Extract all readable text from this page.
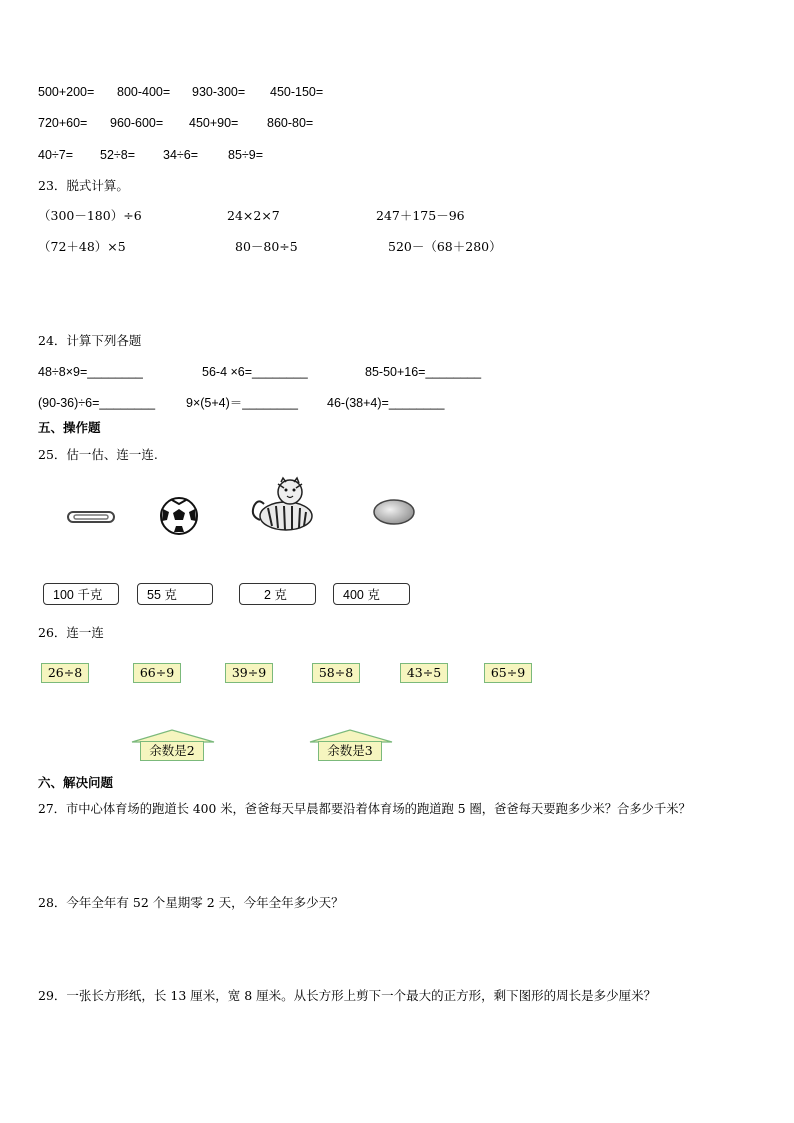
500+200= 800-400= 930-300= 450-150=
720+60= 960-600= 450+90= 860-80=
40÷7= 52÷8= 34÷6= 85÷9=
23．脱式计算。
（300－180）÷6	24×2×7	247＋175－96
（72＋48）×5	80－80÷5	520－（68＋280）
24．计算下列各题
48÷8×9=________	56-4 ×6=________	85-50+16=________
(90-36)÷6=________ 9×(5+4)＝________ 46-(38+4)=________
五、操作题
25．估一估、连一连.
100 千克	55 克	2 克	400 克
26．连一连
26÷8	66÷9	39÷9	58÷8	43÷5	65÷9
余数是2	余数是3
六、解决问题
27．市中心体育场的跑道长 400 米，爸爸每天早晨都要沿着体育场的跑道跑 5 圈，爸爸每天要跑多少米？合多少千米？
28．今年全年有 52 个星期零 2 天，今年全年多少天？
29．一张长方形纸，长 13 厘米，宽 8 厘米。从长方形上剪下一个最大的正方形，剩下图形的周长是多少厘米？
